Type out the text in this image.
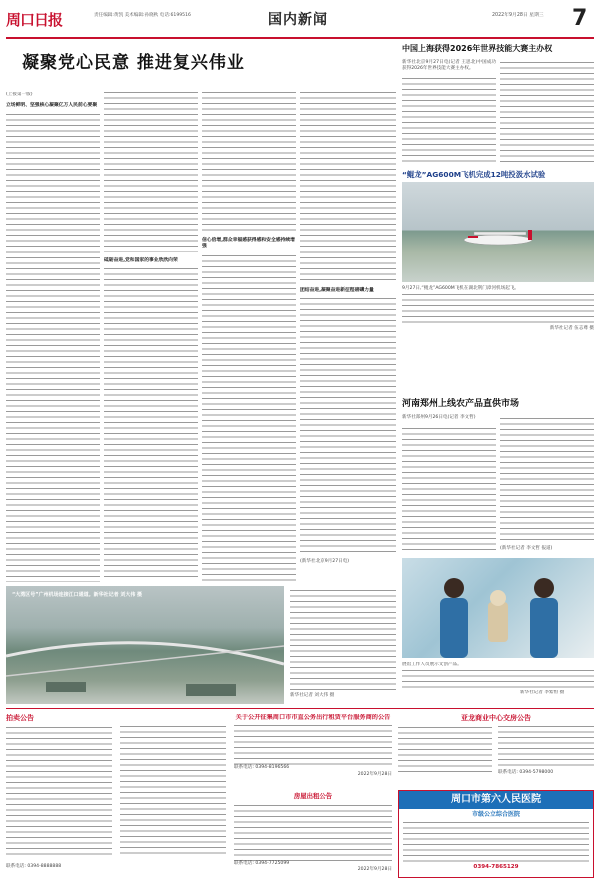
周口日报	责任编辑:黄凯 美术编辑:孙晓秋 电话:6199516	国内新闻	2022年9月28日 星期三 7
凝聚党心民意 推进复兴伟业
(上接第一版)
立场鲜明、坚强核心凝聚亿万人民前心要聚
砥砺奋进,党和国家的事业欣欣向荣
信心倍增,群众幸福感获得感和安全感持续增强
团结奋进,凝聚奋进新征程磅礴力量
(新华社北京9月27日电)
中国上海获得2026年世界技能大赛主办权
新华社北京9月27日电(记者 王思北)中国成功获得2026年世界技能大赛主办权。
“鲲龙”AG600M飞机完成12吨投汲水试验
9月27日,“鲲龙”AG600M飞机在湖北荆门漳河机场起飞。
新华社记者 伍志尊 摄
河南郑州上线农产品直供市场
新华社郑州9月26日电(记者 李文哲)
(新华社记者 李文哲 报道)
展馆工作人员展示文创产品。
新华社记者 李紫恒 摄
“大湾区号”广州机场连接江口通道。新华社记者 刘大伟 摄
新华社记者 刘大伟 摄
拍卖公告
联系电话: 0394-8888888
关于公开征集周口市市直公务出行租赁平台服务商的公告
联系电话: 0394-8196566
2022年9月28日
房屋出租公告
联系电话: 0394-7725099
2022年9月28日
亚龙商业中心交房公告
联系电话: 0394-5798000
周口市第六人民医院
市级公立综合医院
0394-7865129
